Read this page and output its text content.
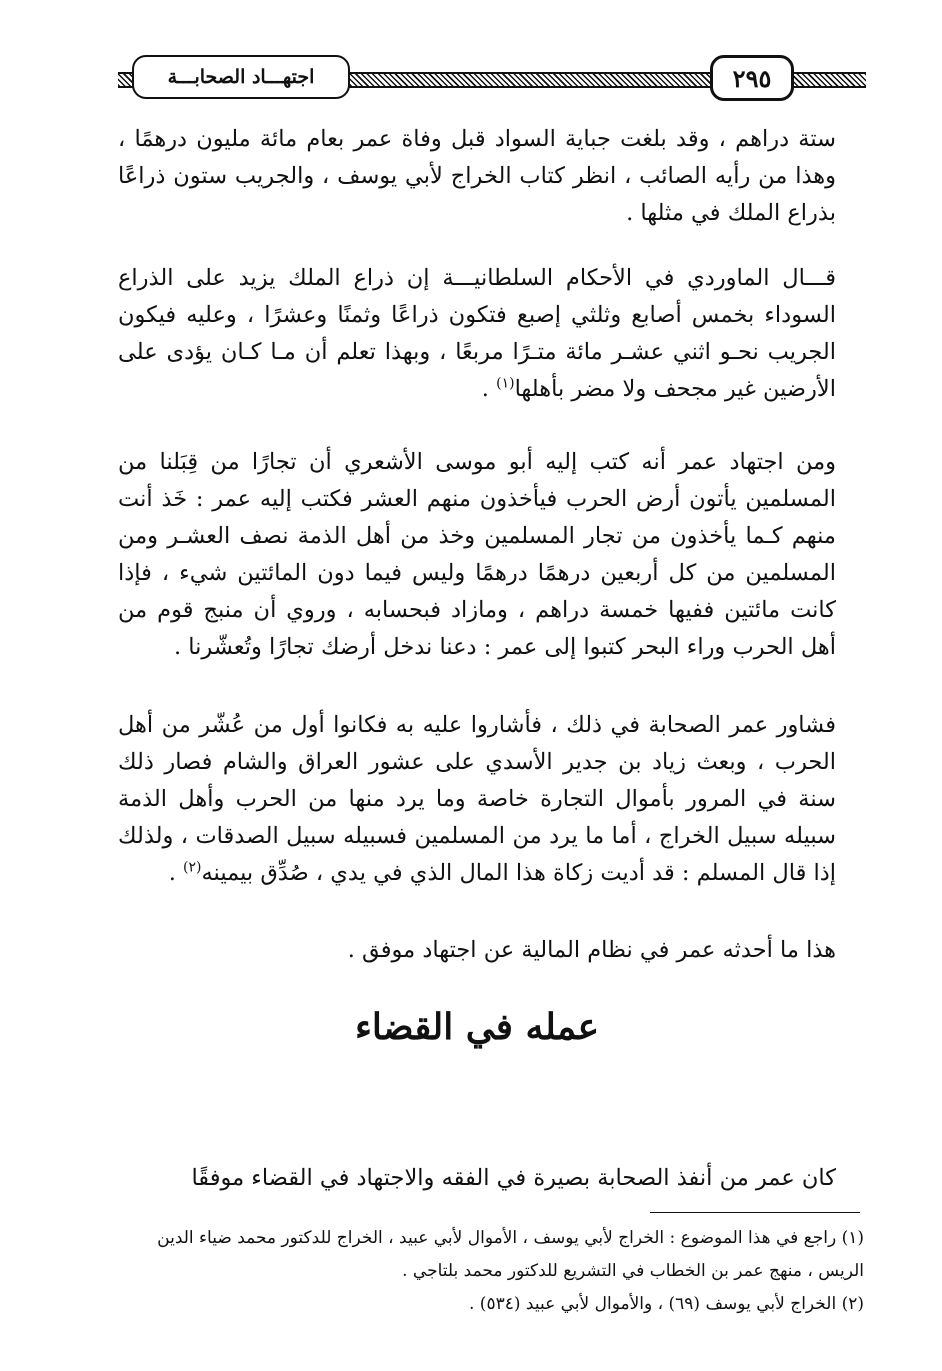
اجتهـــاد الصحابـــة	٢٩٥

ستة دراهم ، وقد بلغت جباية السواد قبل وفاة عمر بعام مائة مليون درهمًا ، وهذا من رأيه الصائب ، انظر كتاب الخراج لأبي يوسف ، والجريب ستون ذراعًا بذراع الملك في مثلها .

قـــال الماوردي في الأحكام السلطانيـــة إن ذراع الملك يزيد على الذراع السوداء بخمس أصابع وثلثي إصبع فتكون ذراعًا وثمنًا وعشرًا ، وعليه فيكون الجريب نحـو اثني عشـر مائة متـرًا مربعًا ، وبهذا تعلم أن مـا كـان يؤدى على الأرضين غير مجحف ولا مضر بأهلها$^{(١)}$ .

ومن اجتهاد عمر أنه كتب إليه أبو موسى الأشعري أن تجارًا من قِبَلنا من المسلمين يأتون أرض الحرب فيأخذون منهم العشر فكتب إليه عمر : خَذ أنت منهم كـما يأخذون من تجار المسلمين وخذ من أهل الذمة نصف العشـر ومن المسلمين من كل أربعين درهمًا درهمًا وليس فيما دون المائتين شيء ، فإذا كانت مائتين ففيها خمسة دراهم ، ومازاد فبحسابه ، وروي أن منبج قوم من أهل الحرب وراء البحر كتبوا إلى عمر : دعنا ندخل أرضك تجارًا وتُعشّرنا .

فشاور عمر الصحابة في ذلك ، فأشاروا عليه به فكانوا أول من عُشّر من أهل الحرب ، وبعث زياد بن جدير الأسدي على عشور العراق والشام فصار ذلك سنة في المرور بأموال التجارة خاصة وما يرد منها من الحرب وأهل الذمة سبيله سبيل الخراج ، أما ما يرد من المسلمين فسبيله سبيل الصدقات ، ولذلك إذا قال المسلم : قد أديت زكاة هذا المال الذي في يدي ، صُدِّق بيمينه$^{(٢)}$ .

هذا ما أحدثه عمر في نظام المالية عن اجتهاد موفق .

عمله في القضاء

كان عمر من أنفذ الصحابة بصيرة في الفقه والاجتهاد في القضاء موفقًا

(١) راجع في هذا الموضوع : الخراج لأبي يوسف ، الأموال لأبي عبيد ، الخراج للدكتور محمد ضياء الدين الريس ، منهج عمر بن الخطاب في التشريع للدكتور محمد بلتاجي .
(٢) الخراج لأبي يوسف (٦٩) ، والأموال لأبي عبيد (٥٣٤) .
